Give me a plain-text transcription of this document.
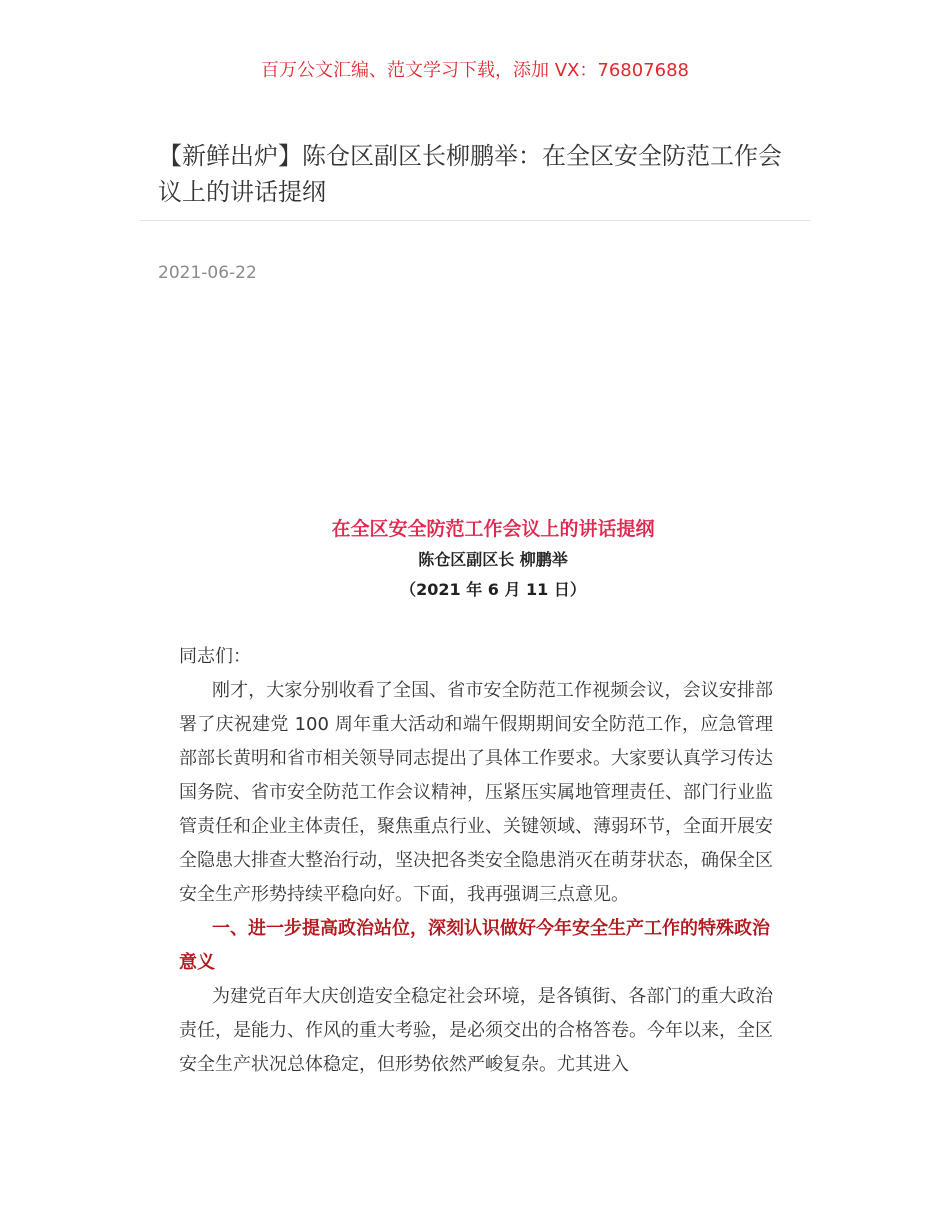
百万公文汇编、范文学习下载，添加 VX：76807688
【新鲜出炉】陈仓区副区长柳鹏举：在全区安全防范工作会议上的讲话提纲
2021-06-22
在全区安全防范工作会议上的讲话提纲
陈仓区副区长 柳鹏举
（2021 年 6 月 11 日）

同志们：

刚才，大家分别收看了全国、省市安全防范工作视频会议，会议安排部署了庆祝建党 100 周年重大活动和端午假期期间安全防范工作，应急管理部部长黄明和省市相关领导同志提出了具体工作要求。大家要认真学习传达国务院、省市安全防范工作会议精神，压紧压实属地管理责任、部门行业监管责任和企业主体责任，聚焦重点行业、关键领域、薄弱环节，全面开展安全隐患大排查大整治行动，坚决把各类安全隐患消灭在萌芽状态，确保全区安全生产形势持续平稳向好。下面，我再强调三点意见。

一、进一步提高政治站位，深刻认识做好今年安全生产工作的特殊政治意义

为建党百年大庆创造安全稳定社会环境，是各镇街、各部门的重大政治责任，是能力、作风的重大考验，是必须交出的合格答卷。今年以来，全区安全生产状况总体稳定，但形势依然严峻复杂。尤其进入
